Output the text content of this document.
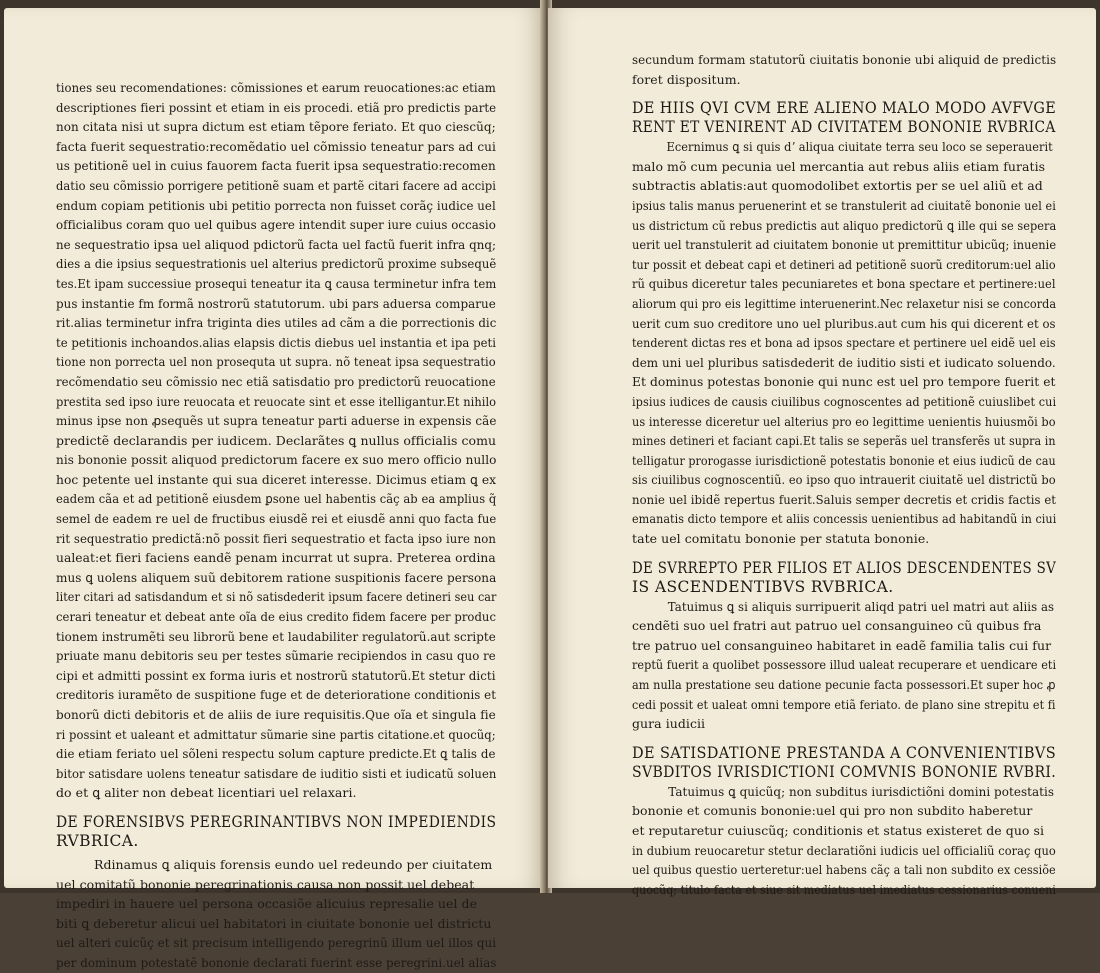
tiones seu recomendationes: cõmissiones et earum reuocationes:ac etiam
descriptiones fieri possint et etiam in eis procedi. etiã pro predictis parte
non citata nisi ut supra dictum est etiam tẽpore feriato. Et quo ciescũq;
facta fuerit sequestratio:recomẽdatio uel cõmissio teneatur pars ad cui
us petitionẽ uel in cuius fauorem facta fuerit ipsa sequestratio:recomen
datio seu cõmissio porrigere petitionẽ suam et partẽ citari facere ad accipi
endum copiam petitionis ubi petitio porrecta non fuisset corãç iudice uel
officialibus coram quo uel quibus agere intendit super iure cuius occasio
ne sequestratio ipsa uel aliquod pdictorũ facta uel factũ fuerit infra qnq;
dies a die ipsius sequestrationis uel alterius predictorũ proxime subsequẽ
tes.Et ipam successiue prosequi teneatur ita ꝗ causa terminetur infra tem
pus instantie fm formã nostrorũ statutorum. ubi pars aduersa comparue
rit.alias terminetur infra triginta dies utiles ad cãm a die porrectionis dic
te petitionis inchoandos.alias elapsis dictis diebus uel instantia et ipa peti
tione non porrecta uel non prosequta ut supra. nõ teneat ipsa sequestratio
recõmendatio seu cõmissio nec etiã satisdatio pro predictorũ reuocatione
prestita sed ipso iure reuocata et reuocate sint et esse itelligantur.Et nihilo
minus ipse non ꝓsequẽs ut supra teneatur parti aduerse in expensis cãe
predictẽ declarandis per iudicem. Declarãtes ꝗ nullus officialis comu
nis bononie possit aliquod predictorum facere ex suo mero officio nullo
hoc petente uel instante qui sua diceret interesse. Dicimus etiam ꝗ ex
eadem cãa et ad petitionẽ eiusdem ꝑsone uel habentis cãç ab ea amplius q̃
semel de eadem re uel de fructibus eiusdẽ rei et eiusdẽ anni quo facta fue
rit sequestratio predictã:nõ possit fieri sequestratio et facta ipso iure non
ualeat:et fieri faciens eandẽ penam incurrat ut supra. Preterea ordina
mus ꝗ uolens aliquem suũ debitorem ratione suspitionis facere persona
liter citari ad satisdandum et si nõ satisdederit ipsum facere detineri seu car
cerari teneatur et debeat ante oĩa de eius credito fidem facere per produc
tionem instrumẽti seu librorũ bene et laudabiliter regulatorũ.aut scripte
priuate manu debitoris seu per testes sũmarie recipiendos in casu quo re
cipi et admitti possint ex forma iuris et nostrorũ statutorũ.Et stetur dicti
creditoris iuramẽto de suspitione fuge et de deterioratione conditionis et
bonorũ dicti debitoris et de aliis de iure requisitis.Que oĩa et singula fie
ri possint et ualeant et admittatur sũmarie sine partis citatione.et quocũq;
die etiam feriato uel sõleni respectu solum capture predicte.Et ꝗ talis de
bitor satisdare uolens teneatur satisdare de iuditio sisti et iudicatũ soluen
do et ꝗ aliter non debeat licentiari uel relaxari.
DE FORENSIBVS PEREGRINANTIBVS NON IMPEDIENDIS
RVBRICA.
Rdinamus ꝗ aliquis forensis eundo uel redeundo per ciuitatem
uel comitatũ bononie peregrinationis causa non possit uel debeat
impediri in hauere uel persona occasiõe alicuius represalie uel de
biti ꝗ deberetur alicui uel habitatori in ciuitate bononie uel districtu
uel alteri cuicũç et sit precisum intelligendo peregrinũ illum uel illos qui
per dominum potestatẽ bononie declarati fuerint esse peregrini.uel alias
secundum formam statutorũ ciuitatis bononie ubi aliquid de predictis
foret dispositum.
DE HIIS QVI CVM ERE ALIENO MALO MODO AVFVGE
RENT ET VENIRENT AD CIVITATEM BONONIE RVBRICA
Ecernimus ꝗ si quis dʼ aliqua ciuitate terra seu loco se seperauerit
malo mõ cum pecunia uel mercantia aut rebus aliis etiam furatis
subtractis ablatis:aut quomodolibet extortis per se uel aliũ et ad
ipsius talis manus peruenerint et se transtulerit ad ciuitatẽ bononie uel ei
us districtum cũ rebus predictis aut aliquo predictorũ ꝗ ille qui se sepera
uerit uel transtulerit ad ciuitatem bononie ut premittitur ubicũq; inuenie
tur possit et debeat capi et detineri ad petitionẽ suorũ creditorum:uel alio
rũ quibus diceretur tales pecuniaretes et bona spectare et pertinere:uel
aliorum qui pro eis legittime interuenerint.Nec relaxetur nisi se concorda
uerit cum suo creditore uno uel pluribus.aut cum his qui dicerent et os
tenderent dictas res et bona ad ipsos spectare et pertinere uel eidẽ uel eis
dem uni uel pluribus satisdederit de iuditio sisti et iudicato soluendo.
Et dominus potestas bononie qui nunc est uel pro tempore fuerit et
ipsius iudices de causis ciuilibus cognoscentes ad petitionẽ cuiuslibet cui
us interesse diceretur uel alterius pro eo legittime uenientis huiusmõi bo
mines detineri et faciant capi.Et talis se seperãs uel transferẽs ut supra in
telligatur prorogasse iurisdictionẽ potestatis bononie et eius iudicũ de cau
sis ciuilibus cognoscentiũ. eo ipso quo intrauerit ciuitatẽ uel districtũ bo
nonie uel ibidẽ repertus fuerit.Saluis semper decretis et cridis factis et
emanatis dicto tempore et aliis concessis uenientibus ad habitandũ in ciui
tate uel comitatu bononie per statuta bononie.
DE SVRREPTO PER FILIOS ET ALIOS DESCENDENTES SV
IS ASCENDENTIBVS RVBRICA.
Tatuimus ꝗ si aliquis surripuerit aliqd patri uel matri aut aliis as
cendẽti suo uel fratri aut patruo uel consanguineo cũ quibus fra
tre patruo uel consanguineo habitaret in eadẽ familia talis cui fur
reptũ fuerit a quolibet possessore illud ualeat recuperare et uendicare eti
am nulla prestatione seu datione pecunie facta possessori.Et super hoc ꝓ
cedi possit et ualeat omni tempore etiã feriato. de plano sine strepitu et fi
gura iudicii
DE SATISDATIONE PRESTANDA A CONVENIENTIBVS
SVBDITOS IVRISDICTIONI COMVNIS BONONIE RVBRI.
Tatuimus ꝗ quicũq; non subditus iurisdictiõni domini potestatis
bononie et comunis bononie:uel qui pro non subdito haberetur
et reputaretur cuiuscũq; conditionis et status existeret de quo si
in dubium reuocaretur stetur declaratiõni iudicis uel officialiũ coraç quo
uel quibus questio uerteretur:uel habens cãç a tali non subdito ex cessiõe
quocũq; titulo facta et siue sit mediatus uel imediatus cessionarius conueni
